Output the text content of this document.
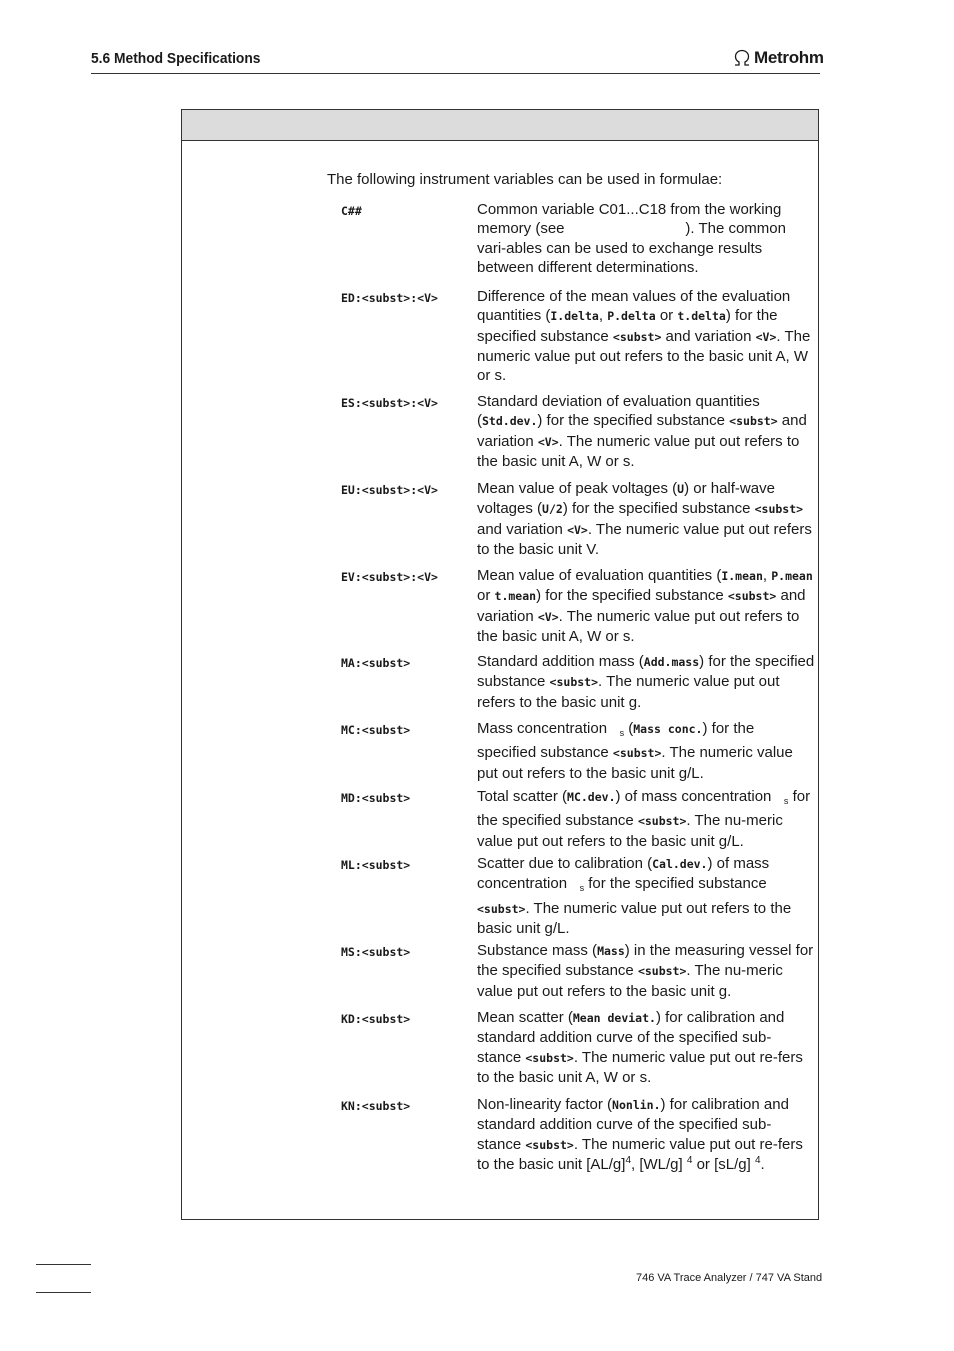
5.6 Method Specifications	Metrohm
The following instrument variables can be used in formulae:
C##	Common variable C01...C18 from the working memory (see	). The common vari-ables can be used to exchange results between different determinations.
ED:<subst>:<V>	Difference of the mean values of the evaluation quantities (I.delta, P.delta or t.delta) for the specified substance <subst> and variation <V>. The numeric value put out refers to the basic unit A, W or s.
ES:<subst>:<V>	Standard deviation of evaluation quantities (Std.dev.) for the specified substance <subst> and variation <V>. The numeric value put out refers to the basic unit A, W or s.
EU:<subst>:<V>	Mean value of peak voltages (U) or half-wave voltages (U/2) for the specified substance <subst> and variation <V>. The numeric value put out refers to the basic unit V.
EV:<subst>:<V>	Mean value of evaluation quantities (I.mean, P.mean or t.mean) for the specified substance <subst> and variation <V>. The numeric value put out refers to the basic unit A, W or s.
MA:<subst>	Standard addition mass (Add.mass) for the specified substance <subst>. The numeric value put out refers to the basic unit g.
MC:<subst>	Mass concentration   $_s$ (Mass conc.) for the specified substance <subst>. The numeric value put out refers to the basic unit g/L.
MD:<subst>	Total scatter (MC.dev.) of mass concentration   $_s$ for the specified substance <subst>. The nu-meric value put out refers to the basic unit g/L.
ML:<subst>	Scatter due to calibration (Cal.dev.) of mass concentration   $_s$ for the specified substance <subst>. The numeric value put out refers to the basic unit g/L.
MS:<subst>	Substance mass (Mass) in the measuring vessel for the specified substance <subst>. The nu-meric value put out refers to the basic unit g.
KD:<subst>	Mean scatter (Mean deviat.) for calibration and standard addition curve of the specified sub-stance <subst>. The numeric value put out re-fers to the basic unit A, W or s.
KN:<subst>	Non-linearity factor (Nonlin.) for calibration and standard addition curve of the specified sub-stance <subst>. The numeric value put out re-fers to the basic unit $[AL/g]^4$, [WL/g] $^4$ or [sL/g] $^4$.
746 VA Trace Analyzer / 747 VA Stand
